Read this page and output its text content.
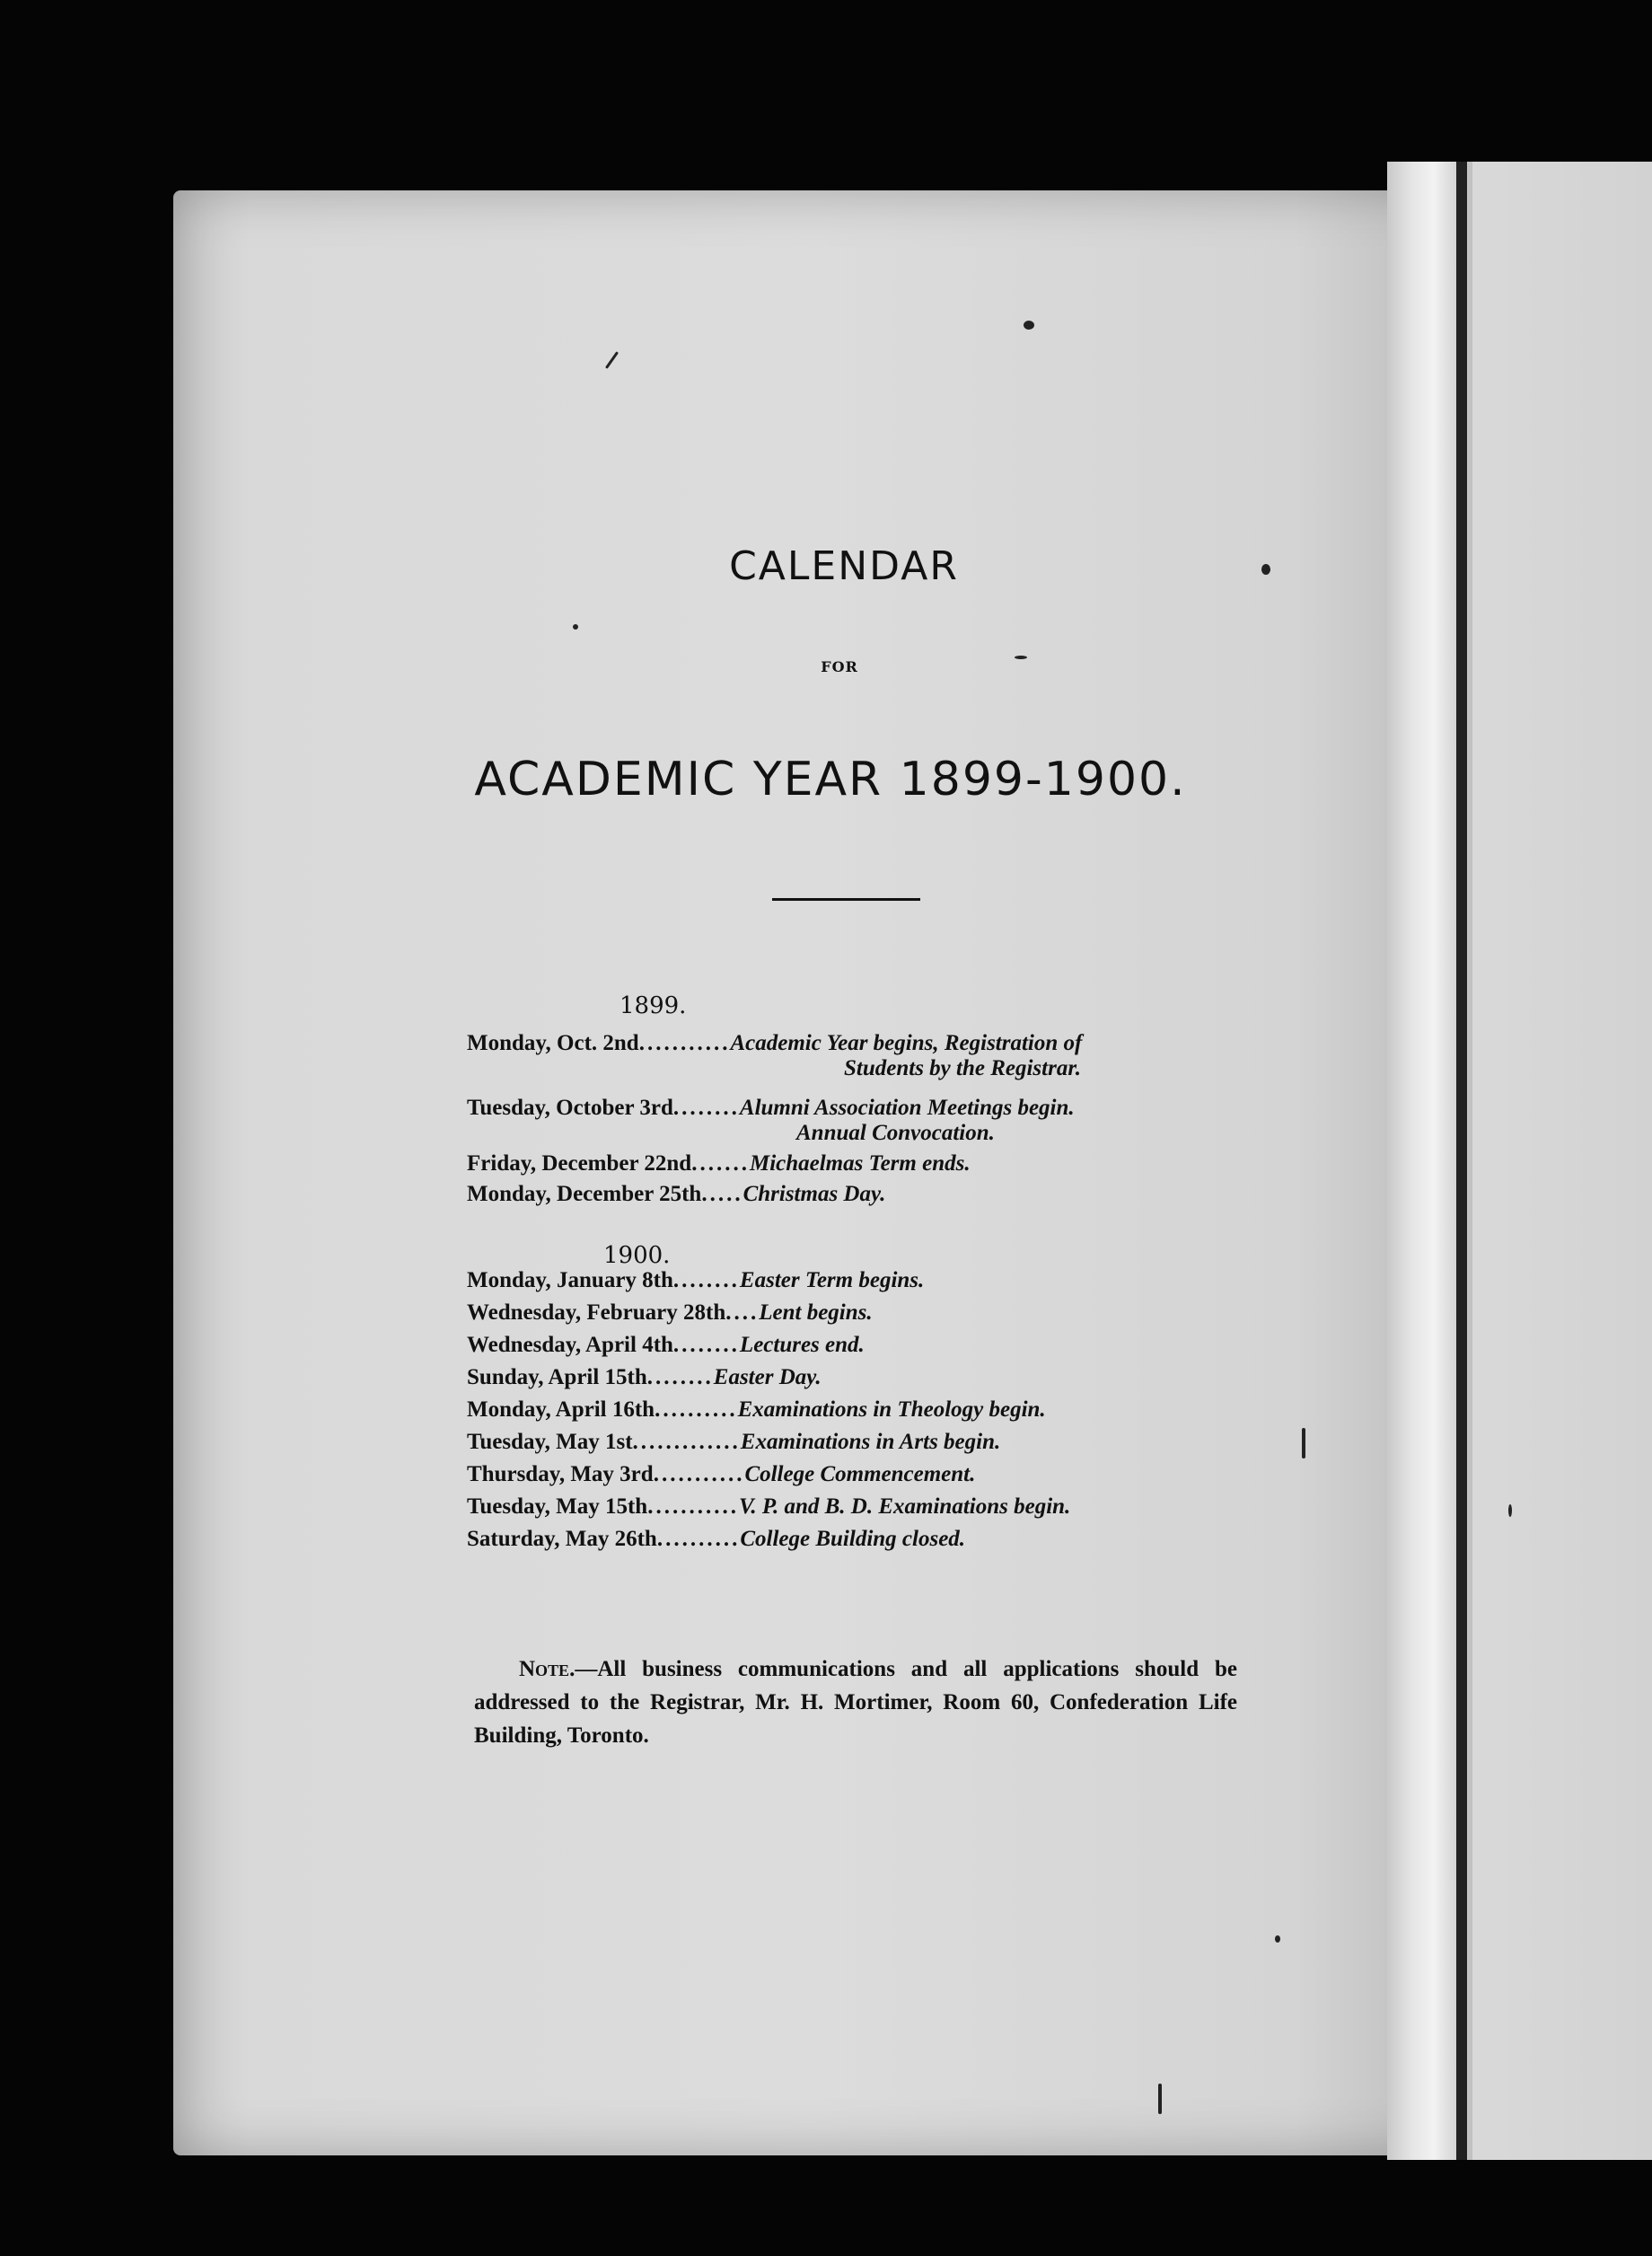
CALENDAR
FOR
ACADEMIC YEAR 1899-1900.
1899.
Monday, Oct. 2nd...........Academic Year begins, Registration of
Students by the Registrar.
Tuesday, October 3rd........Alumni Association Meetings begin.
Annual Convocation.
Friday, December 22nd.......Michaelmas Term ends.
Monday, December 25th.....Christmas Day.
1900.
Monday, January 8th........Easter Term begins.
Wednesday, February 28th....Lent begins.
Wednesday, April 4th........Lectures end.
Sunday, April 15th........Easter Day.
Monday, April 16th..........Examinations in Theology begin.
Tuesday, May 1st.............Examinations in Arts begin.
Thursday, May 3rd...........College Commencement.
Tuesday, May 15th...........V. P. and B. D. Examinations begin.
Saturday, May 26th..........College Building closed.
Note.—All business communications and all applications should be addressed to the Registrar, Mr. H. Mortimer, Room 60, Confederation Life Building, Toronto.
